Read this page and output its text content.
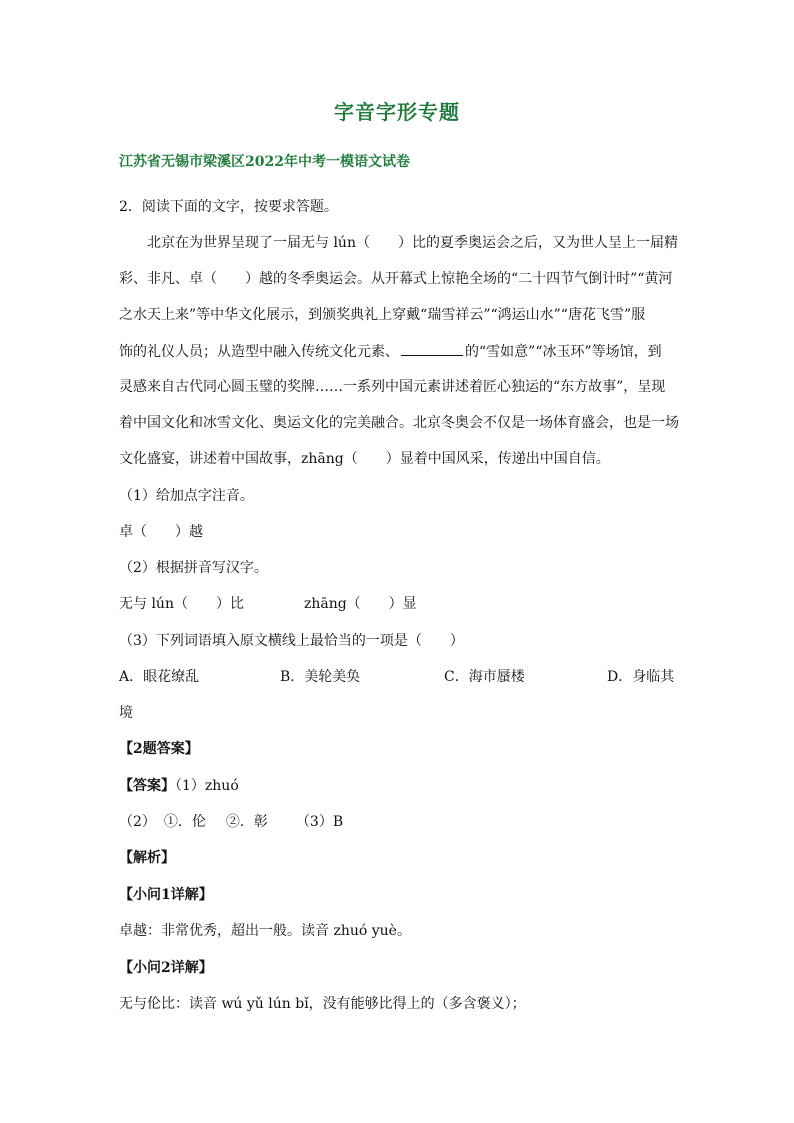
字音字形专题
江苏省无锡市梁溪区2022年中考一模语文试卷
2．阅读下面的文字，按要求答题。
北京在为世界呈现了一届无与 lún（　　）比的夏季奥运会之后，又为世人呈上一届精
彩、非凡、卓（　　）越的冬季奥运会。从开幕式上惊艳全场的“二十四节气倒计时”“黄河
之水天上来”等中华文化展示，到颁奖典礼上穿戴“瑞雪祥云”“鸿运山水”“唐花飞雪”服
饰的礼仪人员；从造型中融入传统文化元素、	的“雪如意”“冰玉环”等场馆，到
灵感来自古代同心圆玉璧的奖牌……一系列中国元素讲述着匠心独运的“东方故事”，呈现
着中国文化和冰雪文化、奥运文化的完美融合。北京冬奥会不仅是一场体育盛会，也是一场
文化盛宴，讲述着中国故事，zhāng（　　）显着中国风采，传递出中国自信。
（1）给加点字注音。
卓（　　）越
（2）根据拼音写汉字。
无与 lún（　　）比	zhāng（　　）显
（3）下列词语填入原文横线上最恰当的一项是（　　）
A．眼花缭乱	B．美轮美奂	C．海市蜃楼	D．身临其
境
【2题答案】
【答案】（1）zhuó
（2） ①．伦 ②．彰 （3）B
【解析】
【小问1详解】
卓越：非常优秀，超出一般。读音 zhuó yuè。
【小问2详解】
无与伦比：读音 wú yǔ lún bǐ，没有能够比得上的（多含褒义）；
